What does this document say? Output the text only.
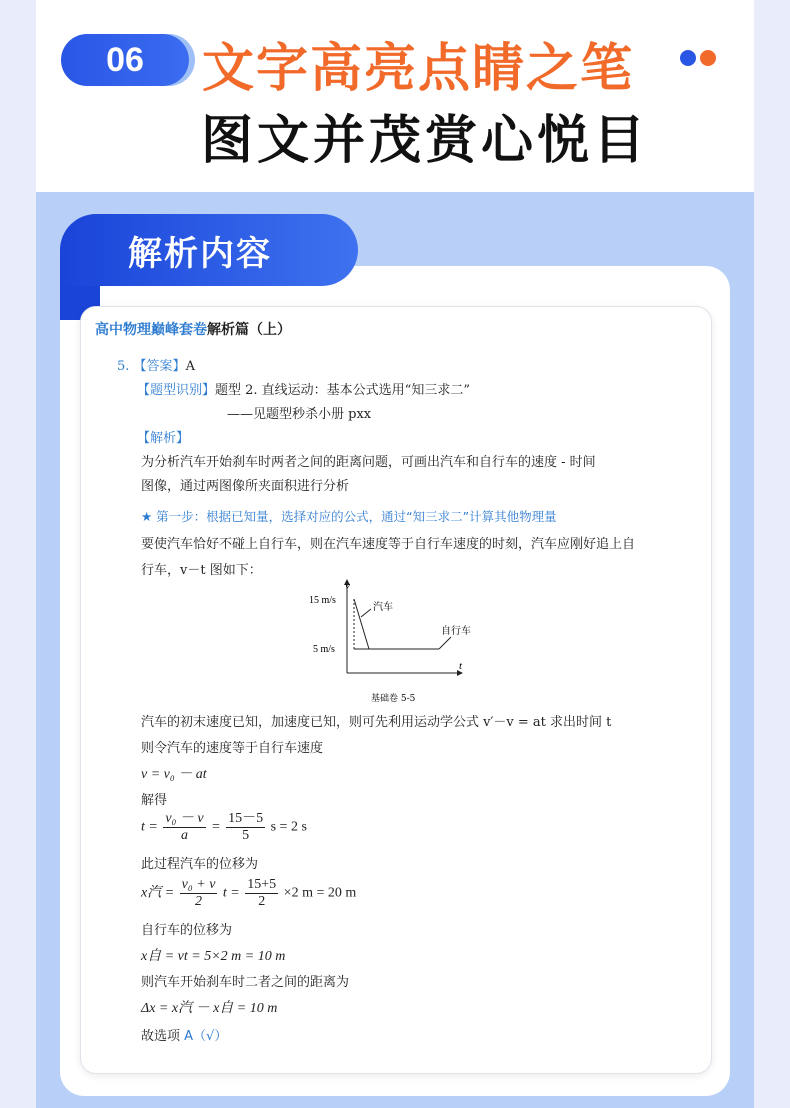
06	文字高亮点睛之笔
图文并茂赏心悦目
解析内容
高中物理巅峰套卷解析篇（上）
5. 【答案】A
【题型识别】题型 2. 直线运动：基本公式选用“知三求二”
——见题型秒杀小册 pxx
【解析】
为分析汽车开始刹车时两者之间的距离问题，可画出汽车和自行车的速度 - 时间
图像，通过两图像所夹面积进行分析
★ 第一步：根据已知量，选择对应的公式，通过“知三求二”计算其他物理量
要使汽车恰好不碰上自行车，则在汽车速度等于自行车速度的时刻，汽车应刚好追上自
行车，v－t 图如下：
v
t
15 m/s
5 m/s
汽车
自行车
基础卷 5-5
汽车的初末速度已知，加速度已知，则可先利用运动学公式 v′－v = at 求出时间 t
则令汽车的速度等于自行车速度
v = v₀ － at
解得
$t = \frac{\text{v₀ － v}}{a} = \frac{15-5}{5}$ s = 2 s
此过程汽车的位移为
x汽 = $\frac{\text{v₀ + v}}{2}$ $t = \frac{15+5}{2} \times 2$ m = 20 m
自行车的位移为
x自 = vt = 5×2 m = 10 m
则汽车开始刹车时二者之间的距离为
Δx = x汽 － x自 = 10 m
故选项 A（√）
